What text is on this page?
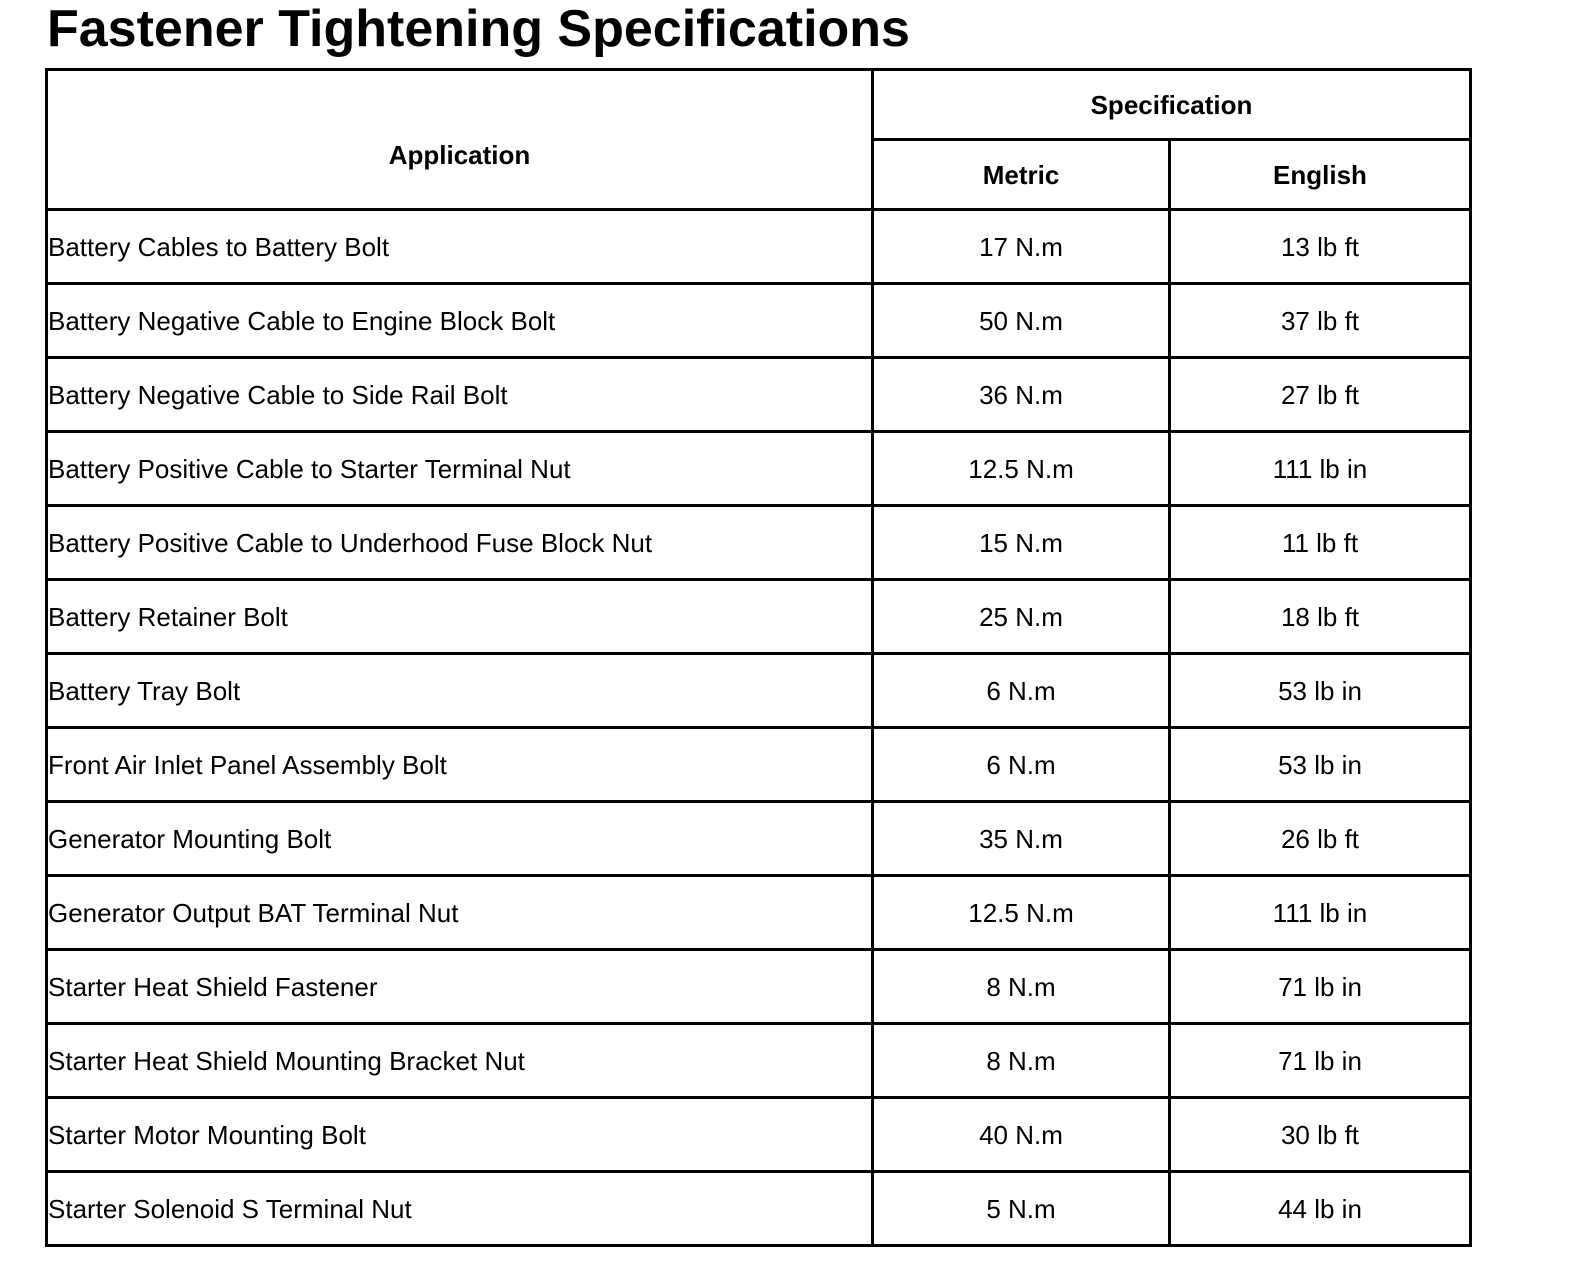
Fastener Tightening Specifications
Application	Specification	
	Metric	English
Battery Cables to Battery Bolt	17 N.m	13 lb ft
Battery Negative Cable to Engine Block Bolt	50 N.m	37 lb ft
Battery Negative Cable to Side Rail Bolt	36 N.m	27 lb ft
Battery Positive Cable to Starter Terminal Nut	12.5 N.m	111 lb in
Battery Positive Cable to Underhood Fuse Block Nut	15 N.m	11 lb ft
Battery Retainer Bolt	25 N.m	18 lb ft
Battery Tray Bolt	6 N.m	53 lb in
Front Air Inlet Panel Assembly Bolt	6 N.m	53 lb in
Generator Mounting Bolt	35 N.m	26 lb ft
Generator Output BAT Terminal Nut	12.5 N.m	111 lb in
Starter Heat Shield Fastener	8 N.m	71 lb in
Starter Heat Shield Mounting Bracket Nut	8 N.m	71 lb in
Starter Motor Mounting Bolt	40 N.m	30 lb ft
Starter Solenoid S Terminal Nut	5 N.m	44 lb in
